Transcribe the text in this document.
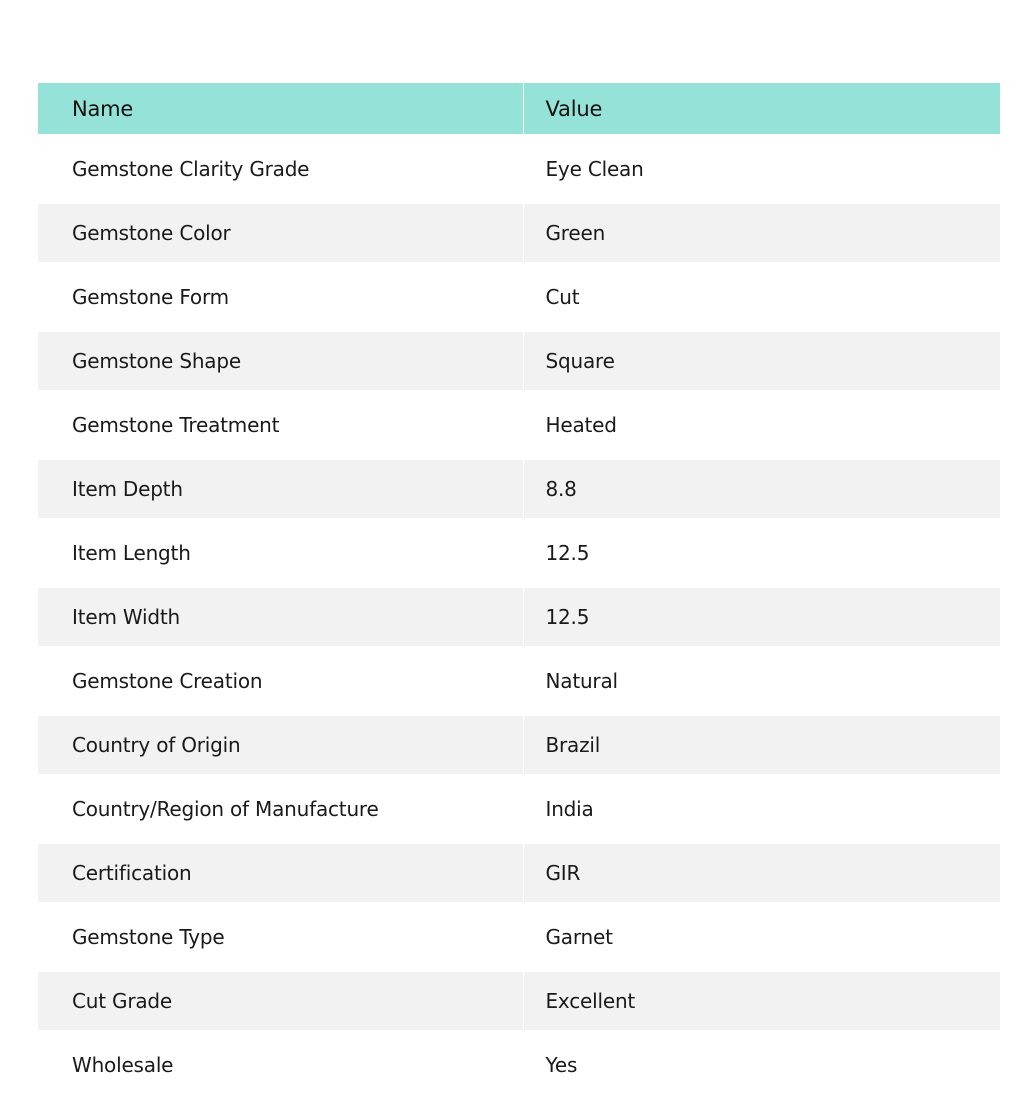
Name	Value
Gemstone Clarity Grade	Eye Clean
Gemstone Color	Green
Gemstone Form	Cut
Gemstone Shape	Square
Gemstone Treatment	Heated
Item Depth	8.8
Item Length	12.5
Item Width	12.5
Gemstone Creation	Natural
Country of Origin	Brazil
Country/Region of Manufacture	India
Certification	GIR
Gemstone Type	Garnet
Cut Grade	Excellent
Wholesale	Yes
